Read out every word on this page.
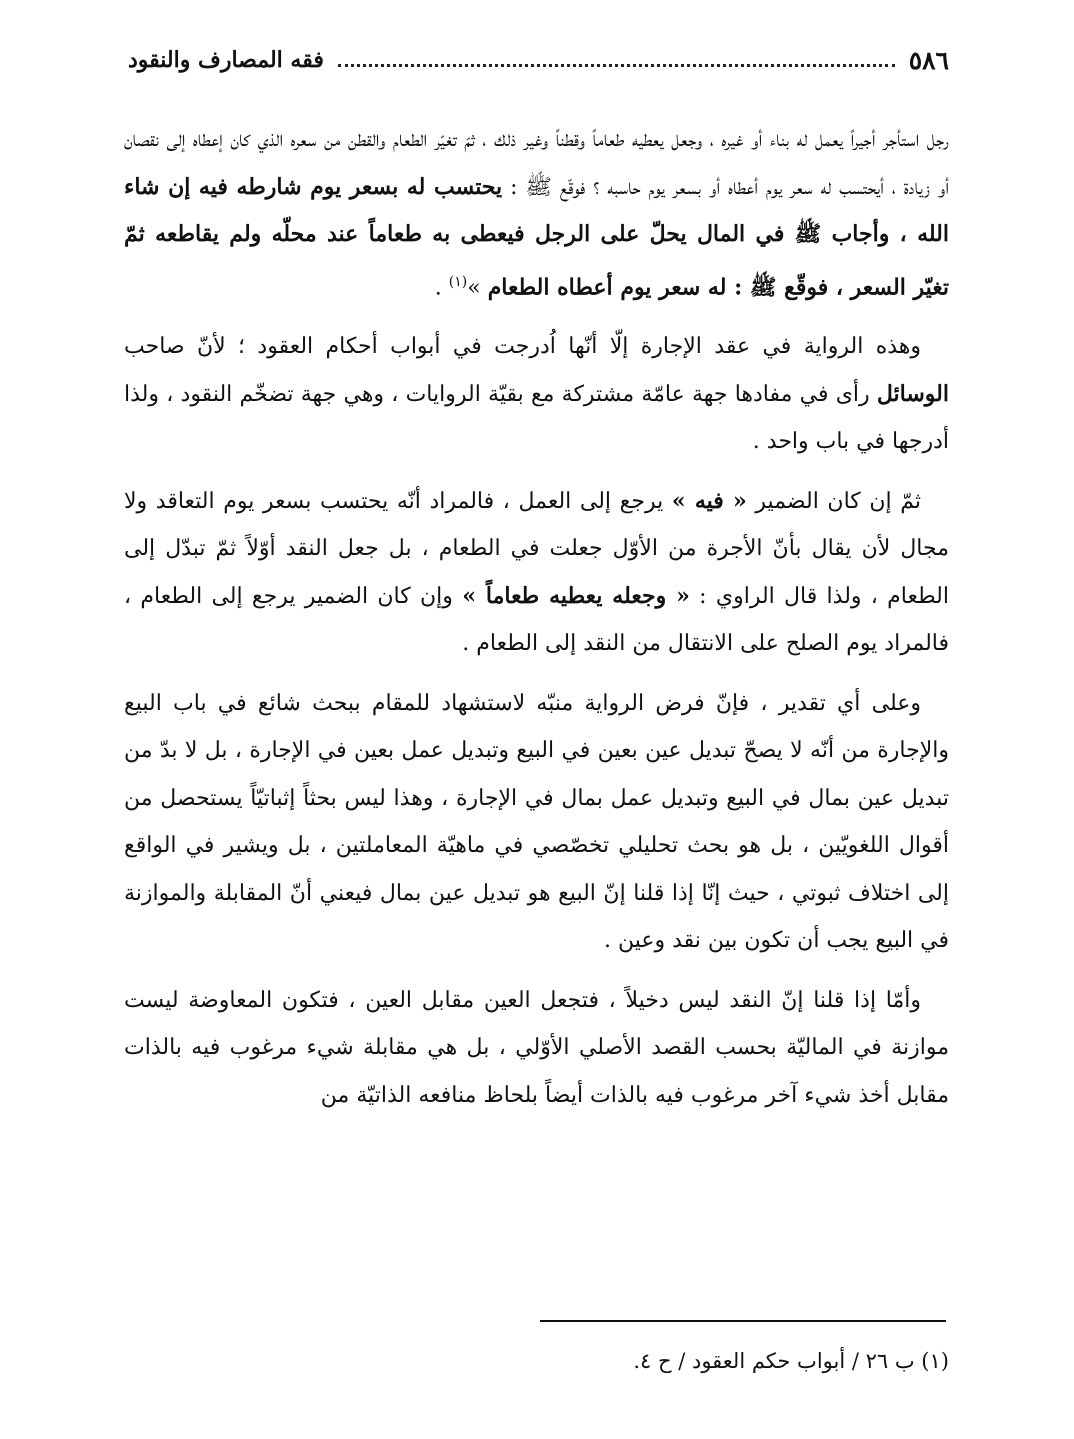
٥٨٦
فقه المصارف والنقود

رجل استأجر أجيراً يعمل له بناء أو غيره ، وجعل يعطيه طعاماً وقطناً وغير ذلك ، ثمّ تغيّر الطعام والقطن من سعره الذي كان إعطاه إلى نقصان أو زيادة ، أيحتسب له سعر يوم أعطاه أو بسعر يوم حاسبه ؟ فوقّع ﷺ : يحتسب له بسعر يوم شارطه فيه إن شاء الله ، وأجاب ﷺ في المال يحلّ على الرجل فيعطى به طعاماً عند محلّه ولم يقاطعه ثمّ تغيّر السعر ، فوقّع ﷺ : له سعر يوم أعطاه الطعام »$^{(١)}$ .

وهذه الرواية في عقد الإجارة إلّا أنّها اُدرجت في أبواب أحكام العقود ؛ لأنّ صاحب الوسائل رأى في مفادها جهة عامّة مشتركة مع بقيّة الروايات ، وهي جهة تضخّم النقود ، ولذا أدرجها في باب واحد .

ثمّ إن كان الضمير « فيه » يرجع إلى العمل ، فالمراد أنّه يحتسب بسعر يوم التعاقد ولا مجال لأن يقال بأنّ الأجرة من الأوّل جعلت في الطعام ، بل جعل النقد أوّلاً ثمّ تبدّل إلى الطعام ، ولذا قال الراوي : « وجعله يعطيه طعاماً » وإن كان الضمير يرجع إلى الطعام ، فالمراد يوم الصلح على الانتقال من النقد إلى الطعام .

وعلى أي تقدير ، فإنّ فرض الرواية منبّه لاستشهاد للمقام ببحث شائع في باب البيع والإجارة من أنّه لا يصحّ تبديل عين بعين في البيع وتبديل عمل بعين في الإجارة ، بل لا بدّ من تبديل عين بمال في البيع وتبديل عمل بمال في الإجارة ، وهذا ليس بحثاً إثباتيّاً يستحصل من أقوال اللغويّين ، بل هو بحث تحليلي تخصّصي في ماهيّة المعاملتين ، بل ويشير في الواقع إلى اختلاف ثبوتي ، حيث إنّا إذا قلنا إنّ البيع هو تبديل عين بمال فيعني أنّ المقابلة والموازنة في البيع يجب أن تكون بين نقد وعين .

وأمّا إذا قلنا إنّ النقد ليس دخيلاً ، فتجعل العين مقابل العين ، فتكون المعاوضة ليست موازنة في الماليّة بحسب القصد الأصلي الأوّلي ، بل هي مقابلة شيء مرغوب فيه بالذات مقابل أخذ شيء آخر مرغوب فيه بالذات أيضاً بلحاظ منافعه الذاتيّة من

(١) ب ٢٦ / أبواب حكم العقود / ح ٤.
